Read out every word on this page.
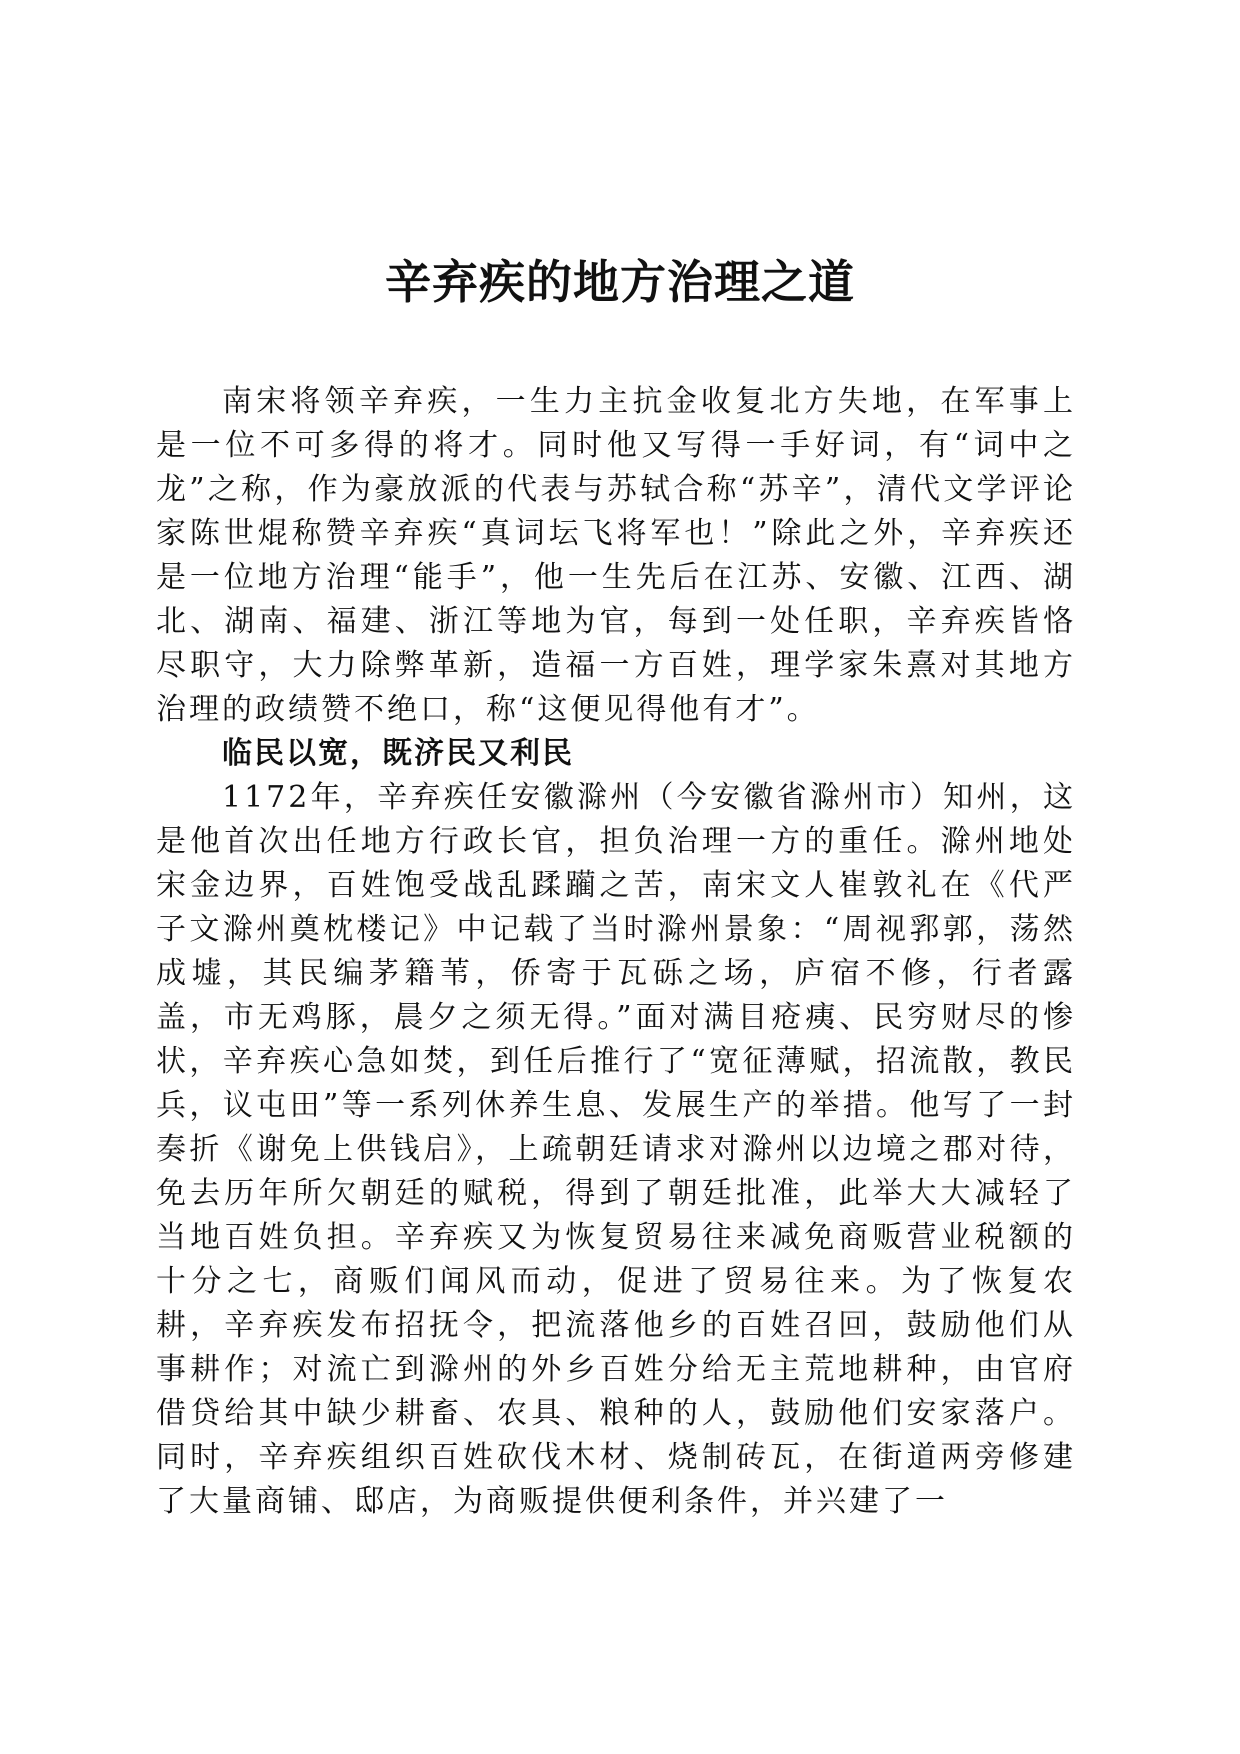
辛弃疾的地方治理之道

南宋将领辛弃疾，一生力主抗金收复北方失地，在军事上是一位不可多得的将才。同时他又写得一手好词，有“词中之龙”之称，作为豪放派的代表与苏轼合称“苏辛”，清代文学评论家陈世焜称赞辛弃疾“真词坛飞将军也！”除此之外，辛弃疾还是一位地方治理“能手”，他一生先后在江苏、安徽、江西、湖北、湖南、福建、浙江等地为官，每到一处任职，辛弃疾皆恪尽职守，大力除弊革新，造福一方百姓，理学家朱熹对其地方治理的政绩赞不绝口，称“这便见得他有才”。

临民以宽，既济民又利民

1172年，辛弃疾任安徽滁州（今安徽省滁州市）知州，这是他首次出任地方行政长官，担负治理一方的重任。滁州地处宋金边界，百姓饱受战乱蹂躏之苦，南宋文人崔敦礼在《代严子文滁州奠枕楼记》中记载了当时滁州景象：“周视郛郭，荡然成墟，其民编茅籍苇，侨寄于瓦砾之场，庐宿不修，行者露盖，市无鸡豚，晨夕之须无得。”面对满目疮痍、民穷财尽的惨状，辛弃疾心急如焚，到任后推行了“宽征薄赋，招流散，教民兵，议屯田”等一系列休养生息、发展生产的举措。他写了一封奏折《谢免上供钱启》，上疏朝廷请求对滁州以边境之郡对待，免去历年所欠朝廷的赋税，得到了朝廷批准，此举大大减轻了当地百姓负担。辛弃疾又为恢复贸易往来减免商贩营业税额的十分之七，商贩们闻风而动，促进了贸易往来。为了恢复农耕，辛弃疾发布招抚令，把流落他乡的百姓召回，鼓励他们从事耕作；对流亡到滁州的外乡百姓分给无主荒地耕种，由官府借贷给其中缺少耕畜、农具、粮种的人，鼓励他们安家落户。同时，辛弃疾组织百姓砍伐木材、烧制砖瓦，在街道两旁修建了大量商铺、邸店，为商贩提供便利条件，并兴建了一
